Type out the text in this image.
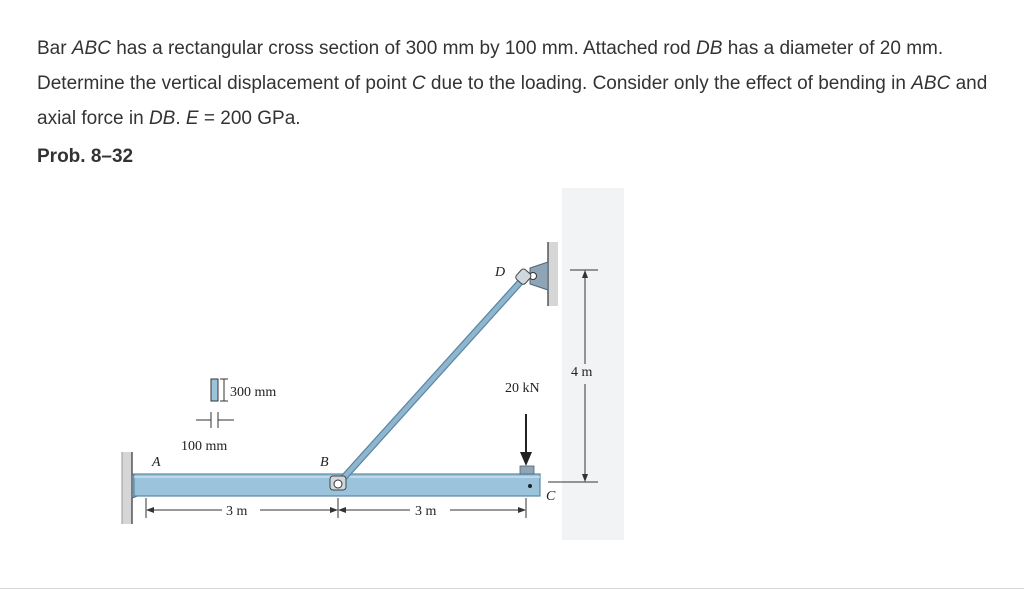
Bar ABC has a rectangular cross section of 300 mm by 100 mm. Attached rod DB has a diameter of 20 mm. Determine the vertical displacement of point C due to the loading. Consider only the effect of bending in ABC and axial force in DB. E = 200 GPa.

Prob. 8–32

20 kN
4 m
3 m	3 m
300 mm
100 mm
D
A	B
C
